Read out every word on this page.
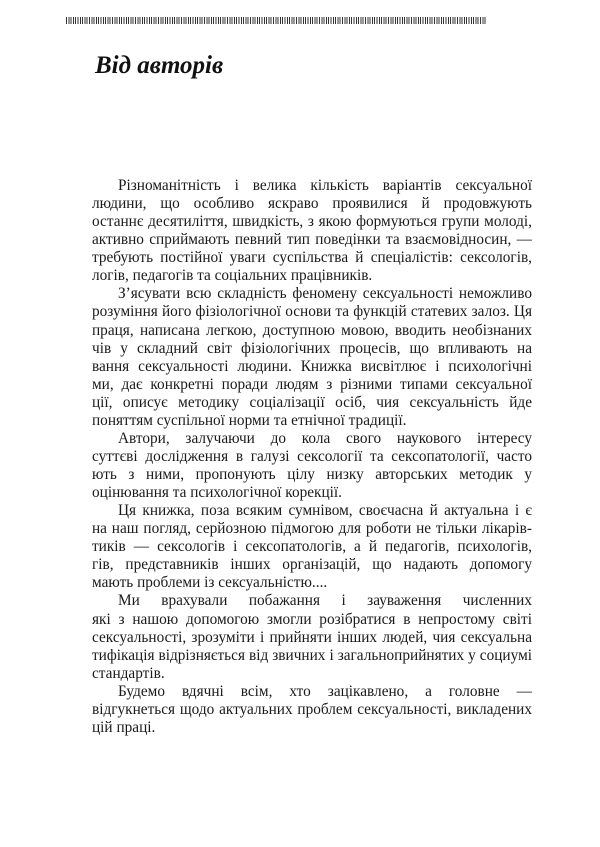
Від авторів
Різноманітність і велика кількість варіантів сексуальної
людини, що особливо яскраво проявилися й продовжують
останнє десятиліття, швидкість, з якою формуються групи молоді,
активно сприймають певний тип поведінки та взаємовідносин, —
требують постійної уваги суспільства й спеціалістів: сексологів,
логів, педагогів та соціальних працівників.
З’ясувати всю складність феномену сексуальності неможливо
розуміння його фізіологічної основи та функцій статевих залоз. Ця
праця, написана легкою, доступною мовою, вводить необізнаних
чів у складний світ фізіологічних процесів, що впливають на
вання сексуальності людини. Книжка висвітлює і психологічні
ми, дає конкретні поради людям з різними типами сексуальної
ції, описує методику соціалізації осіб, чия сексуальність йде
поняттям суспільної норми та етнічної традиції.
Автори, залучаючи до кола свого наукового інтересу
суттєві дослідження в галузі сексології та сексопатології, часто
ють з ними, пропонують цілу низку авторських методик у
оцінювання та психологічної корекції.
Ця книжка, поза всяким сумнівом, своєчасна й актуальна і є
на наш погляд, серйозною підмогою для роботи не тільки лікарів-
тиків — сексологів і сексопатологів, а й педагогів, психологів,
гів, представників інших організацій, що надають допомогу
мають проблеми із сексуальністю....
Ми врахували побажання і зауваження численних
які з нашою допомогою змогли розібратися в непростому світі
сексуальності, зрозуміти і прийняти інших людей, чия сексуальна
тифікація відрізняється від звичних і загальноприйнятих у социумі
стандартів.
Будемо вдячні всім, хто зацікавлено, а головне —
відгукнеться щодо актуальних проблем сексуальності, викладених
цій праці.
